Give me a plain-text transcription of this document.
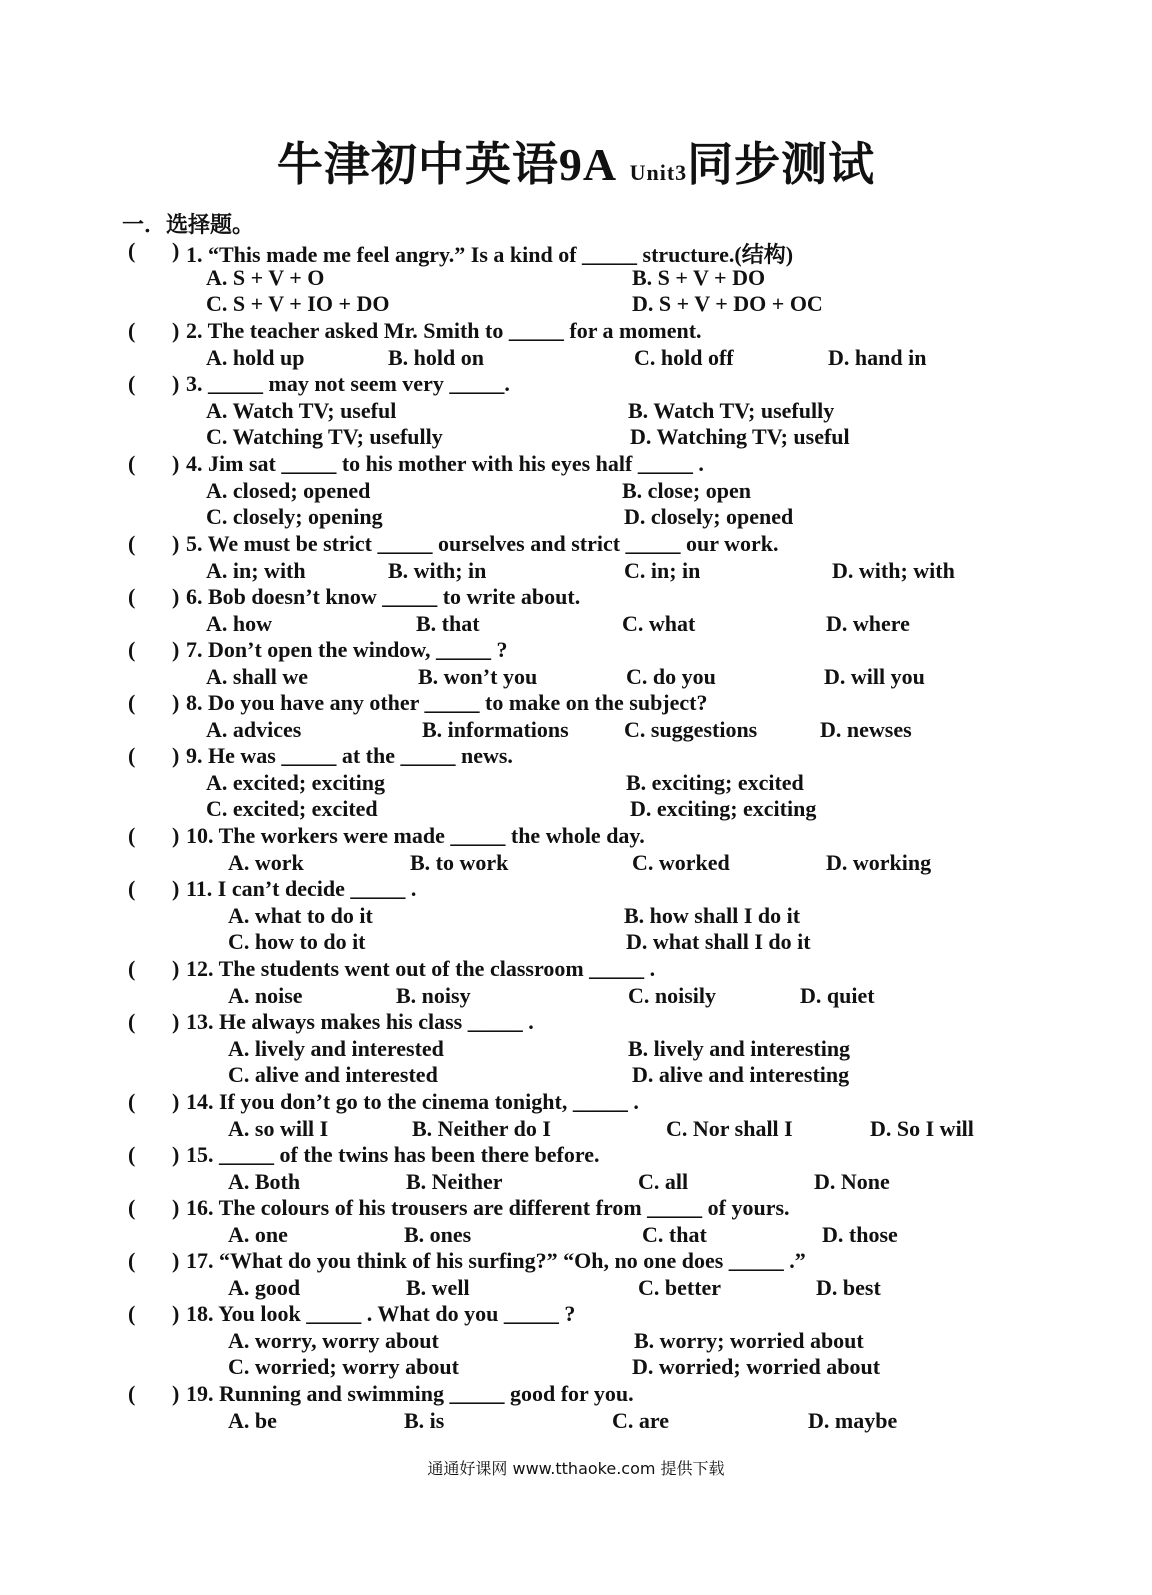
牛津初中英语9A Unit3同步测试
一．选择题。
( ) 1. “This made me feel angry.” Is a kind of _____ structure.(结构)
A. S + V + O	B. S + V + DO
C. S + V + IO + DO	D. S + V + DO + OC
( ) 2. The teacher asked Mr. Smith to _____ for a moment.
A. hold up	B. hold on	C. hold off	D. hand in
( ) 3. _____ may not seem very _____.
A. Watch TV; useful	B. Watch TV; usefully
C. Watching TV; usefully	D. Watching TV; useful
( ) 4. Jim sat _____ to his mother with his eyes half _____ .
A. closed; opened	B. close; open
C. closely; opening	D. closely; opened
( ) 5. We must be strict _____ ourselves and strict _____ our work.
A. in; with	B. with; in	C. in; in	D. with; with
( ) 6. Bob doesn’t know _____ to write about.
A. how	B. that	C. what	D. where
( ) 7. Don’t open the window, _____ ?
A. shall we	B. won’t you	C. do you	D. will you
( ) 8. Do you have any other _____ to make on the subject?
A. advices	B. informations	C. suggestions	D. newses
( ) 9. He was _____ at the _____ news.
A. excited; exciting	B. exciting; excited
C. excited; excited	D. exciting; exciting
( ) 10. The workers were made _____ the whole day.
A. work	B. to work	C. worked	D. working
( ) 11. I can’t decide _____ .
A. what to do it	B. how shall I do it
C. how to do it	D. what shall I do it
( ) 12. The students went out of the classroom _____ .
A. noise	B. noisy	C. noisily	D. quiet
( ) 13. He always makes his class _____ .
A. lively and interested	B. lively and interesting
C. alive and interested	D. alive and interesting
( ) 14. If you don’t go to the cinema tonight, _____ .
A. so will I	B. Neither do I	C. Nor shall I	D. So I will
( ) 15. _____ of the twins has been there before.
A. Both	B. Neither	C. all	D. None
( ) 16. The colours of his trousers are different from _____ of yours.
A. one	B. ones	C. that	D. those
( ) 17. “What do you think of his surfing?” “Oh, no one does _____ .”
A. good	B. well	C. better	D. best
( ) 18. You look _____ . What do you _____ ?
A. worry, worry about	B. worry; worried about
C. worried; worry about	D. worried; worried about
( ) 19. Running and swimming _____ good for you.
A. be	B. is	C. are	D. maybe
通通好课网 www.tthaoke.com 提供下载
